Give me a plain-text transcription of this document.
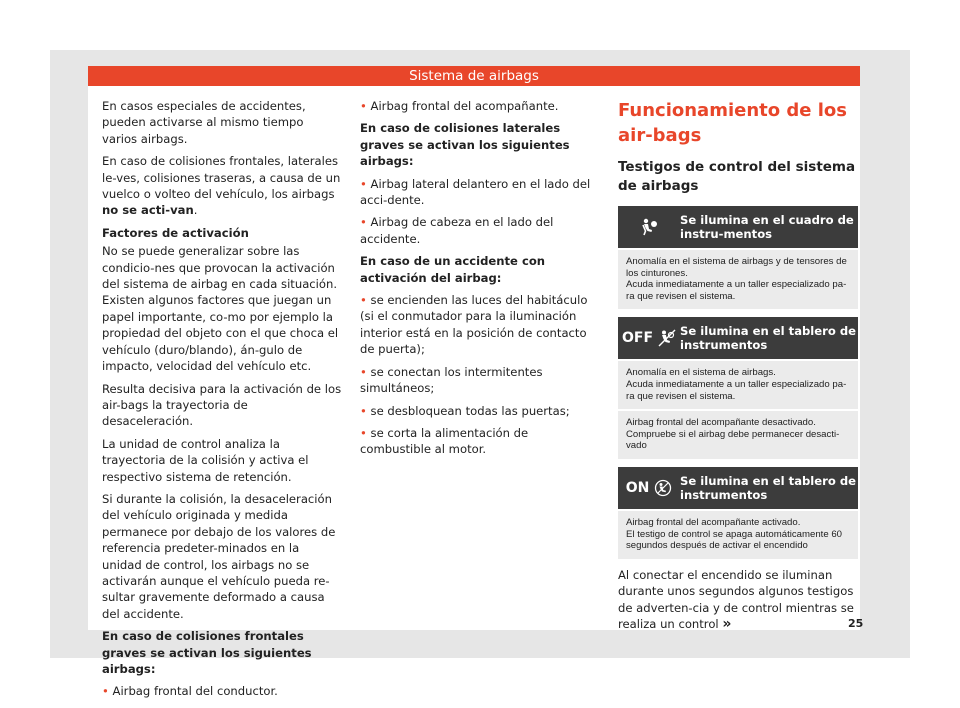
Sistema de airbags

En casos especiales de accidentes, pueden activarse al mismo tiempo varios airbags.

En caso de colisiones frontales, laterales le-ves, colisiones traseras, a causa de un vuelco o volteo del vehículo, los airbags no se acti-van.

Factores de activación

No se puede generalizar sobre las condicio-nes que provocan la activación del sistema de airbag en cada situación. Existen algunos factores que juegan un papel importante, co-mo por ejemplo la propiedad del objeto con el que choca el vehículo (duro/blando), án-gulo de impacto, velocidad del vehículo etc.

Resulta decisiva para la activación de los air-bags la trayectoria de desaceleración.

La unidad de control analiza la trayectoria de la colisión y activa el respectivo sistema de retención.

Si durante la colisión, la desaceleración del vehículo originada y medida permanece por debajo de los valores de referencia predeter-minados en la unidad de control, los airbags no se activarán aunque el vehículo pueda re-sultar gravemente deformado a causa del accidente.

En caso de colisiones frontales graves se activan los siguientes airbags:

• Airbag frontal del conductor.

• Airbag frontal del acompañante.

En caso de colisiones laterales graves se activan los siguientes airbags:

• Airbag lateral delantero en el lado del acci-dente.

• Airbag de cabeza en el lado del accidente.

En caso de un accidente con activación del airbag:

• se encienden las luces del habitáculo (si el conmutador para la iluminación interior está en la posición de contacto de puerta);

• se conectan los intermitentes simultáneos;

• se desbloquean todas las puertas;

• se corta la alimentación de combustible al motor.

Funcionamiento de los air-bags
Testigos de control del sistema de airbags
Se ilumina en el cuadro de instru-mentos
Anomalía en el sistema de airbags y de tensores de los cinturones.
Acuda inmediatamente a un taller especializado pa-ra que revisen el sistema.
OFF Se ilumina en el tablero de instrumentos
Anomalía en el sistema de airbags.
Acuda inmediatamente a un taller especializado pa-ra que revisen el sistema.
Airbag frontal del acompañante desactivado.
Compruebe si el airbag debe permanecer desacti-vado
ON	Se ilumina en el tablero de instrumentos
Airbag frontal del acompañante activado.
El testigo de control se apaga automáticamente 60 segundos después de activar el encendido
Al conectar el encendido se iluminan durante unos segundos algunos testigos de adverten-cia y de control mientras se realiza un control »	25
